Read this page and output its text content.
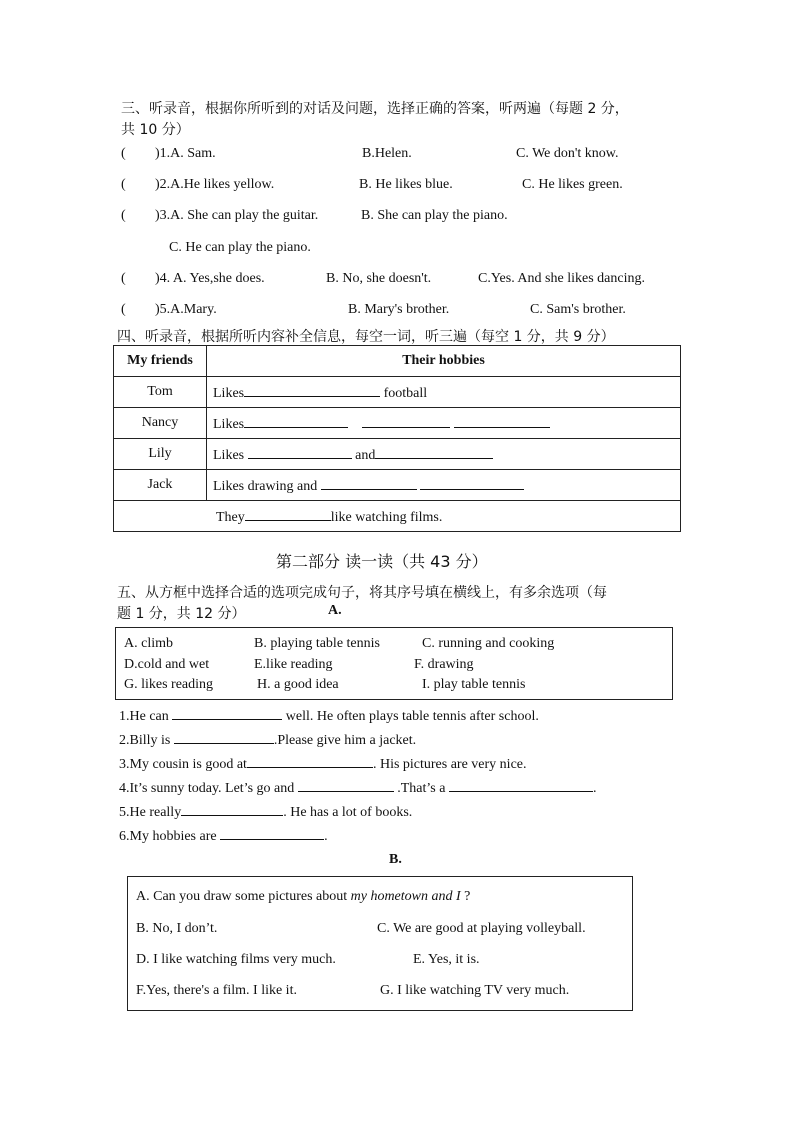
三、听录音，根据你所听到的对话及问题，选择正确的答案，听两遍（每题 2 分，
共 10 分）
( )1.A. Sam.	B.Helen.	C. We don't know.
( )2.A.He likes yellow.	B. He likes blue.	C. He likes green.
( )3.A. She can play the guitar.	B. She can play the piano.
C. He can play the piano.
( )4. A. Yes,she does.	B. No, she doesn't.	C.Yes. And she likes dancing.
( )5.A.Mary.	B. Mary's brother.	C. Sam's brother.
四、听录音，根据所听内容补全信息，每空一词，听三遍（每空 1 分，共 9 分）
My friends	Their hobbies
Tom	Likes football
Nancy	Likes
Lily	Likes and
Jack	Likes drawing and
They like watching films.	
第二部分 读一读（共 43 分）
五、从方框中选择合适的选项完成句子，将其序号填在横线上，有多余选项（每
题 1 分，共 12 分）	A.
A. climb	B. playing table tennis	C. running and cooking
D.cold and wet	E.like reading	F. drawing
G. likes reading	H. a good idea	I. play table tennis
1.He can	well. He often plays table tennis after school.
2.Billy is	.Please give him a jacket.
3.My cousin is good at	. His pictures are very nice.
4.It’s sunny today. Let’s go and	.That’s a	.
5.He really	. He has a lot of books.
6.My hobbies are	.
B.
A. Can you draw some pictures about my hometown and I ?
B. No, I don’t.	C. We are good at playing volleyball.
D. I like watching films very much.	E. Yes, it is.
F.Yes, there's a film. I like it.	G. I like watching TV very much.
